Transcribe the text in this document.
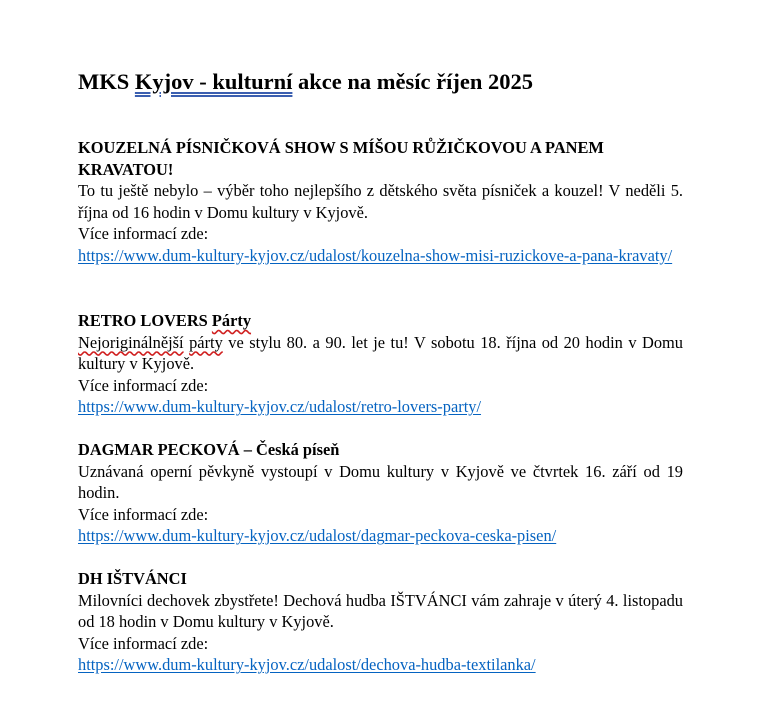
MKS Kyjov - kulturní akce na měsíc říjen 2025

KOUZELNÁ PÍSNIČKOVÁ SHOW S MÍŠOU RŮŽIČKOVOU A PANEM KRAVATOU!

To tu ještě nebylo – výběr toho nejlepšího z dětského světa písniček a kouzel! V neděli 5. října od 16 hodin v Domu kultury v Kyjově.

Více informací zde:

https://www.dum-kultury-kyjov.cz/udalost/kouzelna-show-misi-ruzickove-a-pana-kravaty/

RETRO LOVERS Párty

Nejoriginálnější párty ve stylu 80. a 90. let je tu! V sobotu 18. října od 20 hodin v Domu kultury v Kyjově.

Více informací zde:

https://www.dum-kultury-kyjov.cz/udalost/retro-lovers-party/

DAGMAR PECKOVÁ – Česká píseň

Uznávaná operní pěvkyně vystoupí v Domu kultury v Kyjově ve čtvrtek 16. září od 19 hodin.

Více informací zde:

https://www.dum-kultury-kyjov.cz/udalost/dagmar-peckova-ceska-pisen/

DH IŠTVÁNCI

Milovníci dechovek zbystřete! Dechová hudba IŠTVÁNCI vám zahraje v úterý 4. listopadu od 18 hodin v Domu kultury v Kyjově.

Více informací zde:

https://www.dum-kultury-kyjov.cz/udalost/dechova-hudba-textilanka/
